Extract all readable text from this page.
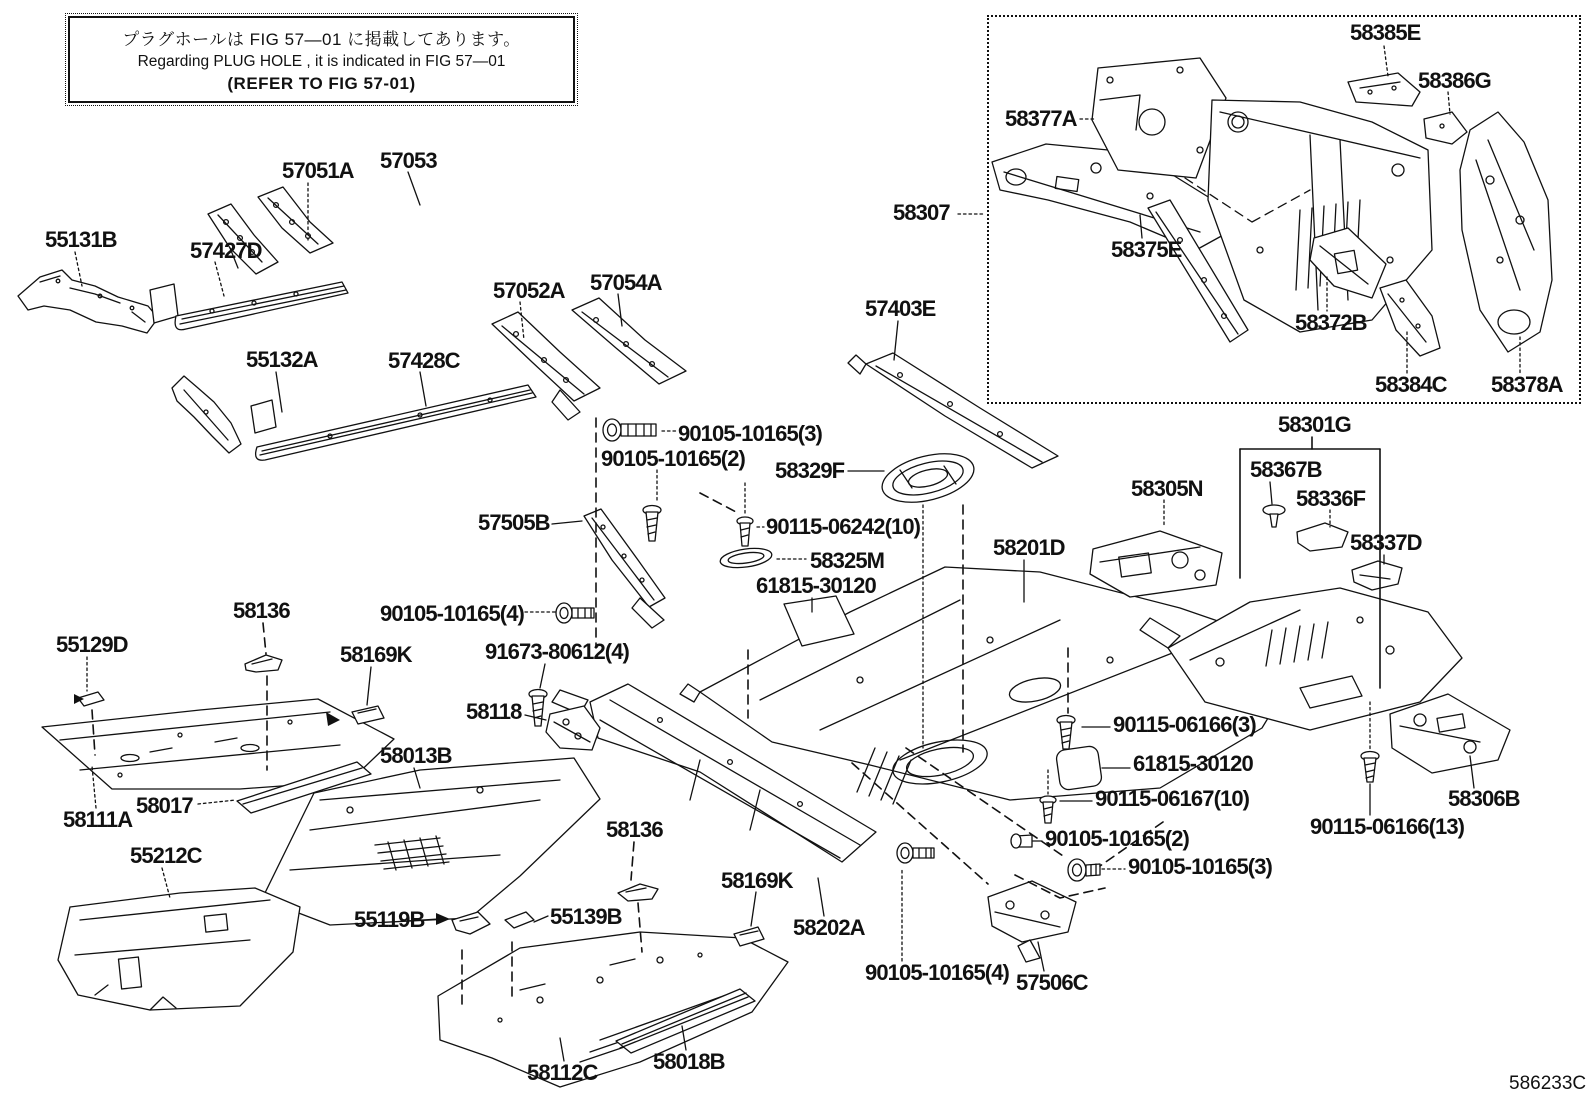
プラグホールは FIG 57—01 に掲載してあります。
Regarding PLUG HOLE , it is indicated in FIG 57—01
(REFER TO FIG 57-01)
55131B	57427D
57051A 57053
55132A	57428C
57052A 57054A
90105-10165(3)
90105-10165(2)
57505B
58329F
90115-06242(10)
58325M
61815-30120
90105-10165(4)
91673-80612(4)
58169K
58136
55129D
58118
58013B
58017
58111A
55212C
55119B	55139B
58136
58112C	58018B
58169K
58202A
90105-10165(4) 57506C
58307
57403E
58377A
58385E
58386G
58375E
58372B
58384C 58378A
58201D
58305N
58301G
58367B
58336F
58337D
90115-06166(3)
61815-30120
90115-06167(10)
90105-10165(2)
90105-10165(3)
90115-06166(13)
58306B
586233C
